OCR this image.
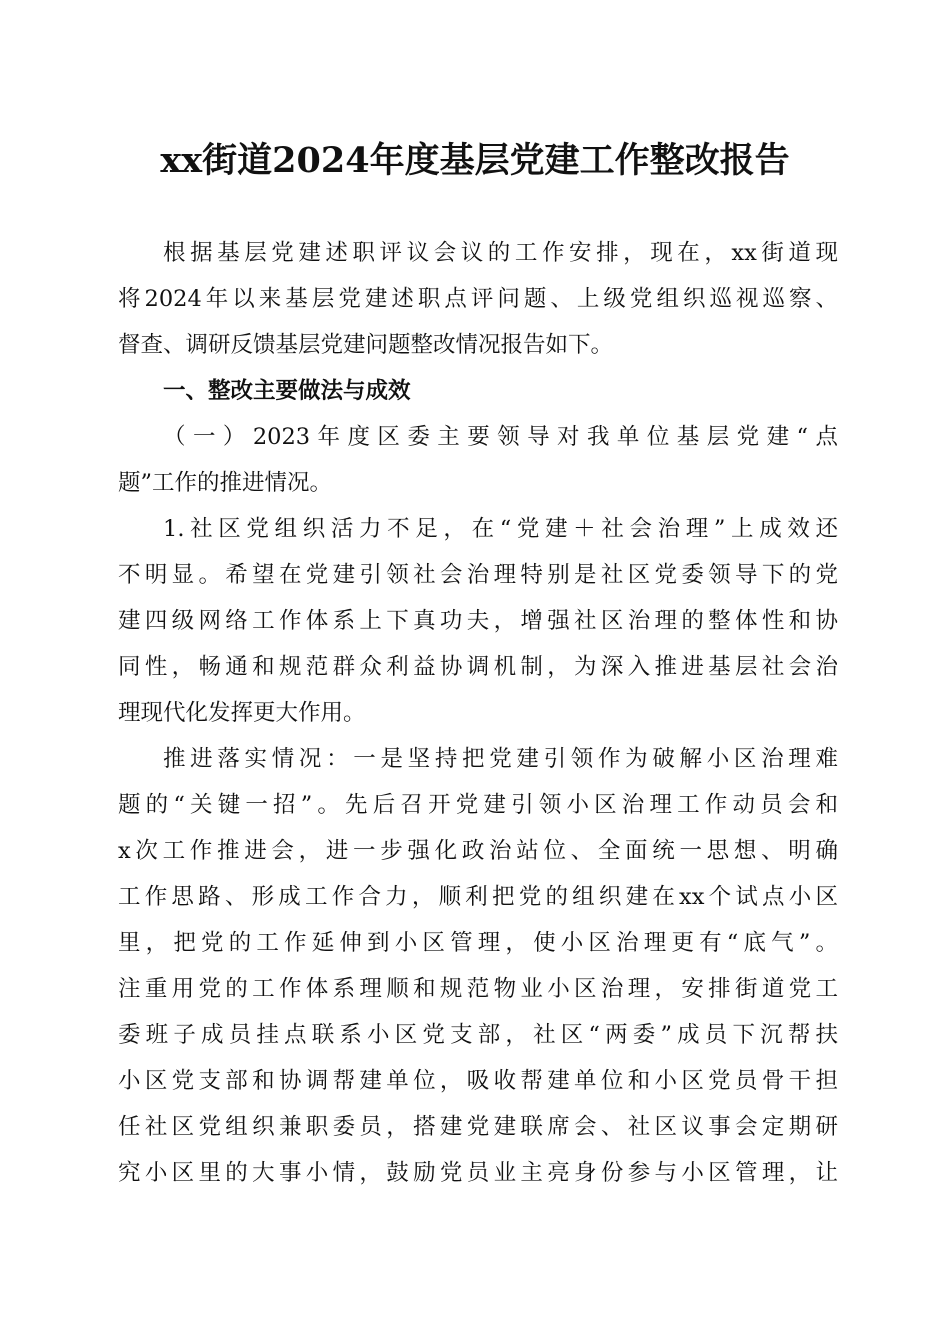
xx街道2024年度基层党建工作整改报告

根据基层党建述职评议会议的工作安排，现在，xx街道现
将2024年以来基层党建述职点评问题、上级党组织巡视巡察、
督查、调研反馈基层党建问题整改情况报告如下。

一、整改主要做法与成效

（一）2023年度区委主要领导对我单位基层党建“点
题”工作的推进情况。

1.社区党组织活力不足，在“党建＋社会治理”上成效还
不明显。希望在党建引领社会治理特别是社区党委领导下的党
建四级网络工作体系上下真功夫，增强社区治理的整体性和协
同性，畅通和规范群众利益协调机制，为深入推进基层社会治
理现代化发挥更大作用。

推进落实情况：一是坚持把党建引领作为破解小区治理难
题的“关键一招”。先后召开党建引领小区治理工作动员会和
x次工作推进会，进一步强化政治站位、全面统一思想、明确
工作思路、形成工作合力，顺利把党的组织建在xx个试点小区
里，把党的工作延伸到小区管理，使小区治理更有“底气”。
注重用党的工作体系理顺和规范物业小区治理，安排街道党工
委班子成员挂点联系小区党支部，社区“两委”成员下沉帮扶
小区党支部和协调帮建单位，吸收帮建单位和小区党员骨干担
任社区党组织兼职委员，搭建党建联席会、社区议事会定期研
究小区里的大事小情，鼓励党员业主亮身份参与小区管理，让
